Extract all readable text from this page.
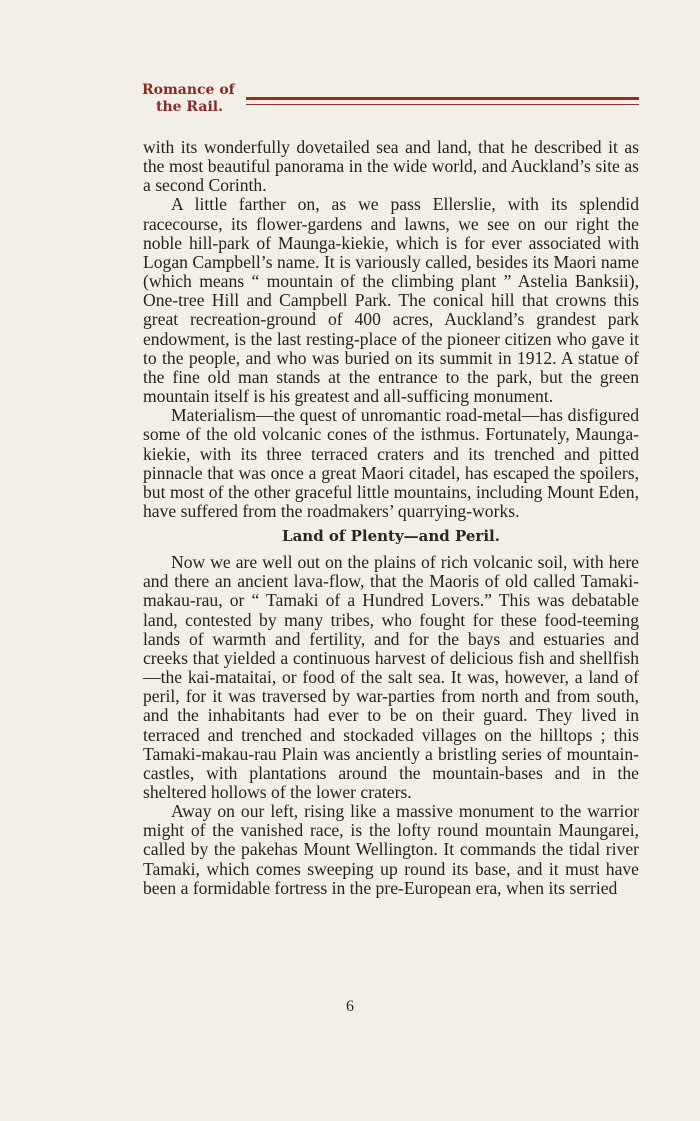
Romance of
the Rail.

with its wonderfully dovetailed sea and land, that he described it as the most beautiful panorama in the wide world, and Auckland’s site as a second Corinth.

A little farther on, as we pass Ellerslie, with its splendid racecourse, its flower-gardens and lawns, we see on our right the noble hill-park of Maunga-kiekie, which is for ever associated with Logan Campbell’s name. It is variously called, besides its Maori name (which means “ mountain of the climbing plant ” Astelia Banksii), One-tree Hill and Campbell Park. The conical hill that crowns this great recreation-ground of 400 acres, Auckland’s grandest park endowment, is the last resting-place of the pioneer citizen who gave it to the people, and who was buried on its summit in 1912. A statue of the fine old man stands at the entrance to the park, but the green mountain itself is his greatest and all-sufficing monument.

Materialism—the quest of unromantic road-metal—has disfigured some of the old volcanic cones of the isthmus. Fortunately, Maunga-kiekie, with its three terraced craters and its trenched and pitted pinnacle that was once a great Maori citadel, has escaped the spoilers, but most of the other graceful little mountains, including Mount Eden, have suffered from the roadmakers’ quarrying-works.

Land of Plenty—and Peril.

Now we are well out on the plains of rich volcanic soil, with here and there an ancient lava-flow, that the Maoris of old called Tamaki-makau-rau, or “ Tamaki of a Hundred Lovers.” This was debatable land, contested by many tribes, who fought for these food-teeming lands of warmth and fertility, and for the bays and estuaries and creeks that yielded a continuous harvest of delicious fish and shellfish—the kai-mataitai, or food of the salt sea. It was, however, a land of peril, for it was traversed by war-parties from north and from south, and the inhabitants had ever to be on their guard. They lived in terraced and trenched and stockaded villages on the hilltops ; this Tamaki-makau-rau Plain was anciently a bristling series of mountain-castles, with plantations around the mountain-bases and in the sheltered hollows of the lower craters.

Away on our left, rising like a massive monument to the warrior might of the vanished race, is the lofty round mountain Maungarei, called by the pakehas Mount Wellington. It commands the tidal river Tamaki, which comes sweeping up round its base, and it must have been a formidable fortress in the pre-European era, when its serried

6
